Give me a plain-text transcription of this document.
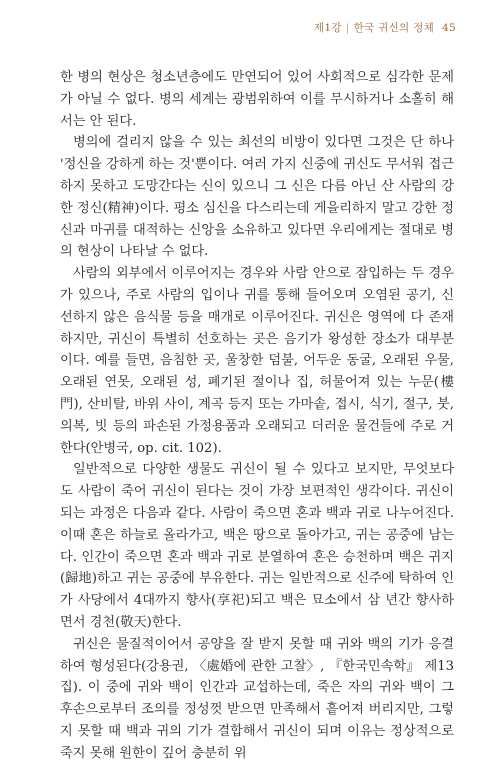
제1강 | 한국 귀신의 정체 45

한 병의 현상은 청소년층에도 만연되어 있어 사회적으로 심각한 문제가 아닐 수 없다. 병의 세계는 광범위하여 이를 무시하거나 소홀히 해서는 안 된다.

병의에 걸리지 않을 수 있는 최선의 비방이 있다면 그것은 단 하나 '정신을 강하게 하는 것'뿐이다. 여러 가지 신중에 귀신도 무서워 접근하지 못하고 도망간다는 신이 있으니 그 신은 다름 아닌 산 사람의 강한 정신(精神)이다. 평소 심신을 다스리는데 게을리하지 말고 강한 정신과 마귀를 대적하는 신앙을 소유하고 있다면 우리에게는 절대로 병의 현상이 나타날 수 없다.

사람의 외부에서 이루어지는 경우와 사람 안으로 잠입하는 두 경우가 있으나, 주로 사람의 입이나 귀를 통해 들어오며 오염된 공기, 신선하지 않은 음식물 등을 매개로 이루어진다. 귀신은 영역에 다 존재하지만, 귀신이 특별히 선호하는 곳은 음기가 왕성한 장소가 대부분이다. 예를 들면, 음침한 곳, 울창한 덤불, 어두운 동굴, 오래된 우물, 오래된 연못, 오래된 성, 폐기된 절이나 집, 허물어져 있는 누문(樓門), 산비탈, 바위 사이, 계곡 등지 또는 가마솥, 접시, 식기, 절구, 붓, 의복, 빗 등의 파손된 가정용품과 오래되고 더러운 물건들에 주로 거한다(안병국, op. cit. 102).

일반적으로 다양한 생물도 귀신이 될 수 있다고 보지만, 무엇보다도 사람이 죽어 귀신이 된다는 것이 가장 보편적인 생각이다. 귀신이 되는 과정은 다음과 같다. 사람이 죽으면 혼과 백과 귀로 나누어진다. 이때 혼은 하늘로 올라가고, 백은 땅으로 돌아가고, 귀는 공중에 남는다. 인간이 죽으면 혼과 백과 귀로 분열하여 혼은 승천하며 백은 귀지(歸地)하고 귀는 공중에 부유한다. 귀는 일반적으로 신주에 탁하여 인가 사당에서 4대까지 향사(享祀)되고 백은 묘소에서 삼 년간 향사하면서 경천(敬天)한다.

귀신은 물질적이어서 공양을 잘 받지 못할 때 귀와 백의 기가 응결하여 형성된다(강용권, 〈處婚에 관한 고찰〉, 『한국민속학』 제13집). 이 중에 귀와 백이 인간과 교섭하는데, 죽은 자의 귀와 백이 그 후손으로부터 조의를 정성껏 받으면 만족해서 흩어져 버리지만, 그렇지 못할 때 백과 귀의 기가 결합해서 귀신이 되며 이유는 정상적으로 죽지 못해 원한이 깊어 충분히 위
